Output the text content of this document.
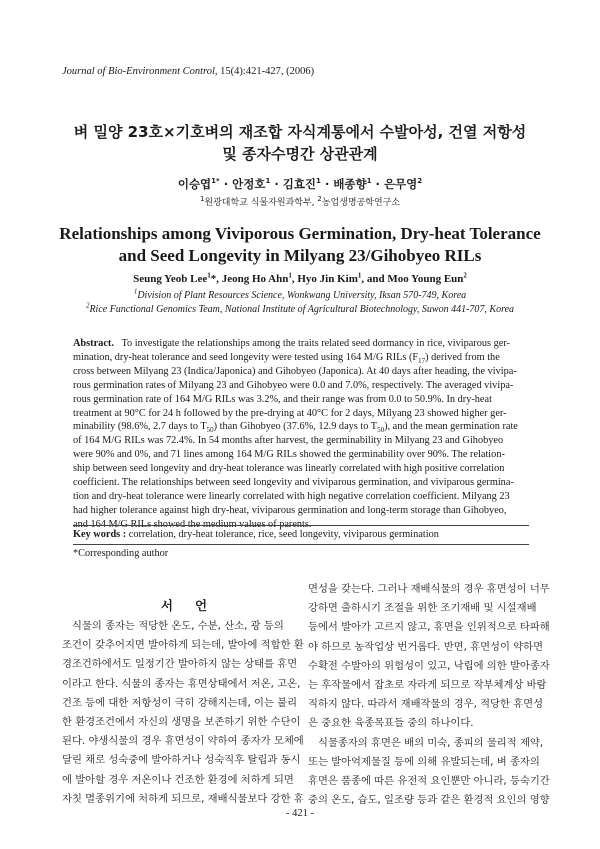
Journal of Bio-Environment Control, 15(4):421-427, (2006)
벼 밀양 23호×기호벼의 재조합 자식계통에서 수발아성, 건열 저항성
및 종자수명간 상관관계
이승엽$^{1*}$ · 안정호$^1$ · 김효진$^1$ · 배종향$^1$ · 은무영$^2$
$^1$원광대학교 식물자원과학부, $^2$농업생명공학연구소
Relationships among Viviporous Germination, Dry-heat Tolerance
and Seed Longevity in Milyang 23/Gihobyeo RILs
Seung Yeob Lee$^1$*, Jeong Ho Ahn$^1$, Hyo Jin Kim$^1$, and Moo Young Eun$^2$
$^1$Division of Plant Resources Science, Wonkwang University, Iksan 570-749, Korea
$^2$Rice Functional Genomics Team, National Institute of Agricultural Biotechnology, Suwon 441-707, Korea
Abstract. To investigate the relationships among the traits related seed dormancy in rice, viviparous ger-
mination, dry-heat tolerance and seed longevity were tested using 164 M/G RILs $(F_{17})$ derived from the
cross between Milyang 23 (Indica/Japonica) and Gihobyeo (Japonica). At 40 days after heading, the vivipa-
rous germination rates of Milyang 23 and Gihobyeo were 0.0 and 7.0%, respectively. The averaged vivipa-
rous germination rate of 164 M/G RILs was 3.2%, and their range was from 0.0 to 50.9%. In dry-heat
treatment at 90°C for 24 h followed by the pre-drying at 40°C for 2 days, Milyang 23 showed higher ger-
minability (98.6%, 2.7 days to $T_{50}$) than Gihobyeo (37.6%, 12.9 days to $T_{50}$), and the mean germination rate
of 164 M/G RILs was 72.4%. In 54 months after harvest, the germinability in Milyang 23 and Gihobyeo
were 90% and 0%, and 71 lines among 164 M/G RILs showed the germinability over 90%. The relation-
ship between seed longevity and dry-heat tolerance was linearly correlated with high positive correlation
coefficient. The relationships between seed longevity and viviparous germination, and viviparous germina-
tion and dry-heat tolerance were linearly correlated with high negative correlation coefficient. Milyang 23
had higher tolerance against high dry-heat, viviparous germination and long-term storage than Gihobyeo,
and 164 M/G RILs showed the medium values of parents.
Key words : correlation, dry-heat tolerance, rice, seed longevity, viviparous germination
*Corresponding author
서언
식물의 종자는 적당한 온도, 수분, 산소, 광 등의
조건이 갖추어지면 발아하게 되는데, 발아에 적합한 환
경조건하에서도 일정기간 발아하지 않는 상태를 휴면
이라고 한다. 식물의 종자는 휴면상태에서 저온, 고온,
건조 등에 대한 저항성이 극히 강해지는데, 이는 불리
한 환경조건에서 자신의 생명을 보존하기 위한 수단이
된다. 야생식물의 경우 휴면성이 약하여 종자가 모체에
달린 채로 성숙중에 발아하거나 성숙직후 탈립과 동시
에 발아할 경우 저온이나 건조한 환경에 처하게 되면
자칫 멸종위기에 처하게 되므로, 재배식물보다 강한 휴
면성을 갖는다. 그러나 재배식물의 경우 휴면성이 너무
강하면 출하시기 조절을 위한 조기재배 및 시설재배
등에서 발아가 고르지 않고, 휴면을 인위적으로 타파해
야 하므로 농작업상 번거롭다. 반면, 휴면성이 약하면
수확전 수발아의 위험성이 있고, 낙립에 의한 발아종자
는 후작물에서 잡초로 자라게 되므로 작부체계상 바람
직하지 않다. 따라서 재배작물의 경우, 적당한 휴면성
은 중요한 육종목표들 중의 하나이다.
식물종자의 휴면은 배의 미숙, 종피의 물리적 제약,
또는 발아억제물질 등에 의해 유발되는데, 벼 종자의
휴면은 품종에 따른 유전적 요인뿐만 아니라, 등숙기간
중의 온도, 습도, 일조량 등과 같은 환경적 요인의 영향
- 421 -
